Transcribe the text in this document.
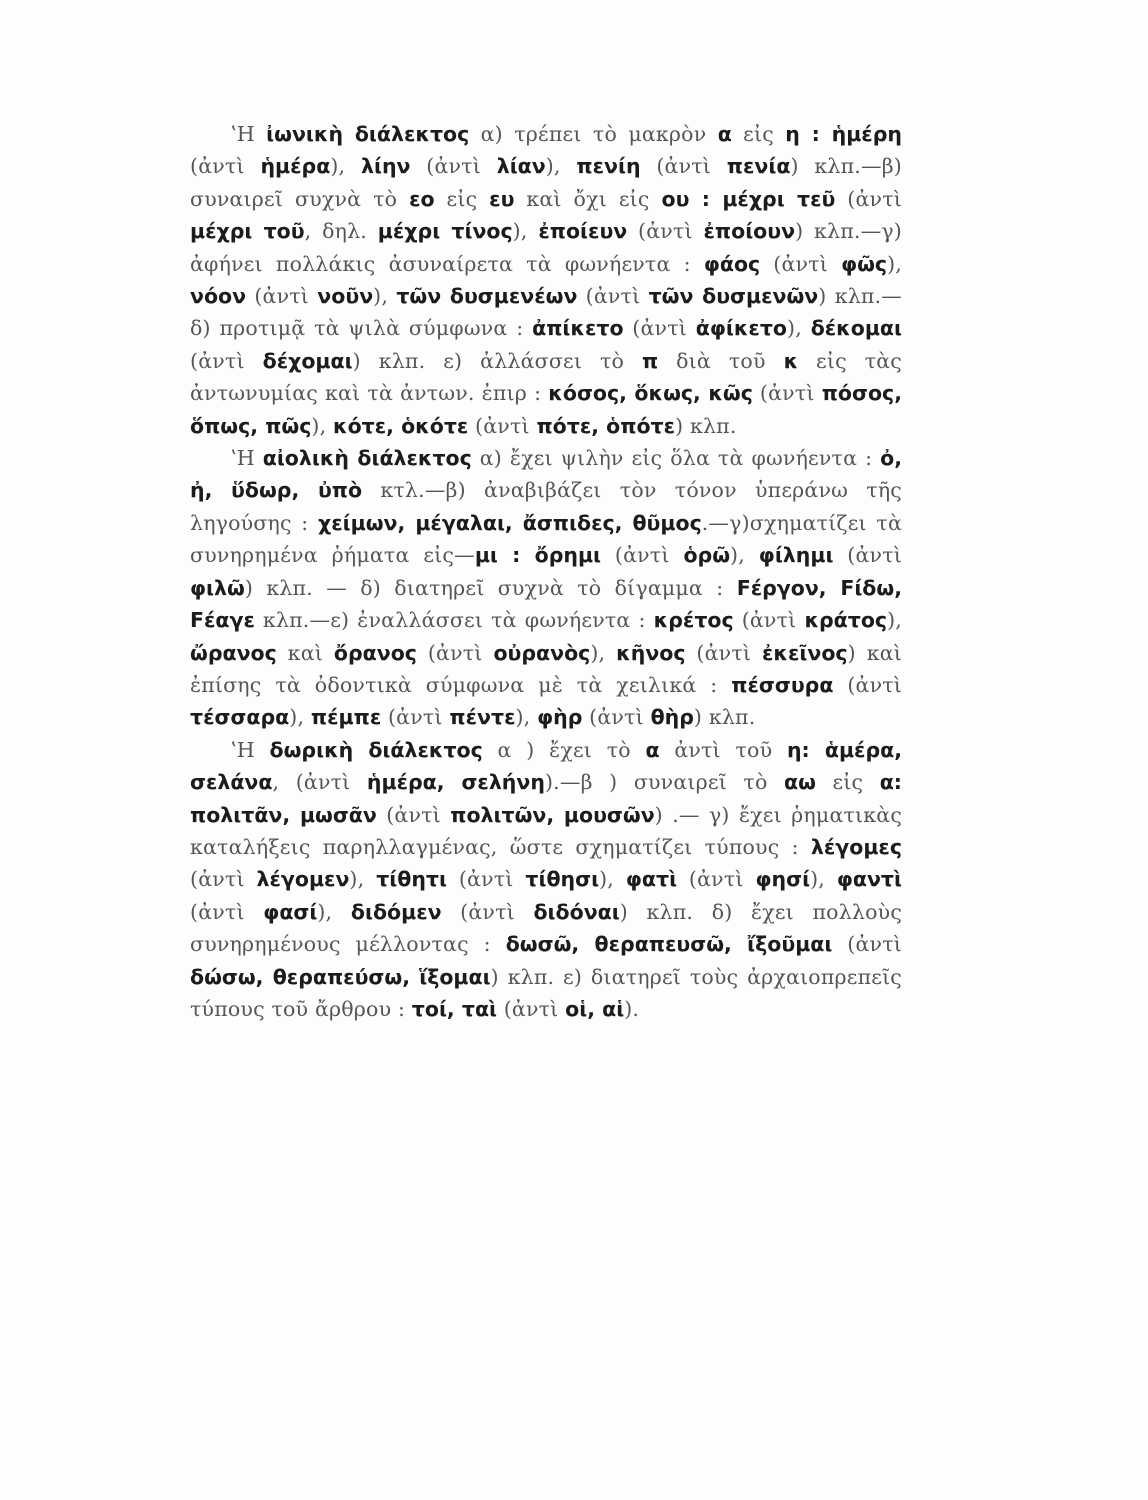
ʽΗ ἰωνικὴ διάλεκτος α) τρέπει τὸ μακρὸν α εἰς η : ἡμέρη (ἀντὶ ἡμέρα), λίην (ἀντὶ λίαν), πενίη (ἀντὶ πενία) κλπ.—β) συναιρεῖ συχνὰ τὸ εο εἰς ευ καὶ ὄχι εἰς ου : μέχρι τεῦ (ἀντὶ μέχρι τοῦ, δηλ. μέχρι τίνος), ἐποίευν (ἀντὶ ἐποίουν) κλπ.—γ) ἀφήνει πολλάκις ἀσυναίρετα τὰ φωνήεντα : φάος (ἀντὶ φῶς), νόον (ἀντὶ νοῦν), τῶν δυσμενέων (ἀντὶ τῶν δυσμενῶν) κλπ.— δ) προτιμᾷ τὰ ψιλὰ σύμφωνα : ἀπίκετο (ἀντὶ ἀφίκετο), δέκομαι (ἀντὶ δέχομαι) κλπ. ε) ἀλλάσσει τὸ π διὰ τοῦ κ εἰς τὰς ἀντωνυμίας καὶ τὰ ἀντων. ἐπιρ : κόσος, ὅκως, κῶς (ἀντὶ πόσος, ὅπως, πῶς), κότε, ὁκότε (ἀντὶ πότε, ὁπότε) κλπ.

ʽΗ αἰολικὴ διάλεκτος α) ἔχει ψιλὴν εἰς ὅλα τὰ φωνήεντα : ὀ, ἠ, ὕδωρ, ὐπὸ κτλ.—β) ἀναβιβάζει τὸν τόνον ὑπεράνω τῆς ληγούσης : χείμων, μέγαλαι, ἄσπιδες, θῦμος.—γ)σχηματίζει τὰ συνηρημένα ῥήματα εἰς—μι : ὄρημι (ἀντὶ ὁρῶ), φίλημι (ἀντὶ φιλῶ) κλπ. — δ) διατηρεῖ συχνὰ τὸ δίγαμμα : Fέργον, Fίδω, Fέαγε κλπ.—ε) ἐναλλάσσει τὰ φωνήεντα : κρέτος (ἀντὶ κράτος), ὤρανος καὶ ὄρανος (ἀντὶ οὐρανὸς), κῆνος (ἀντὶ ἐκεῖνος) καὶ ἐπίσης τὰ ὀδοντικὰ σύμφωνα μὲ τὰ χειλικά : πέσσυρα (ἀντὶ τέσσαρα), πέμπε (ἀντὶ πέντε), φὴρ (ἀντὶ θὴρ) κλπ.

ʽΗ δωρικὴ διάλεκτος α ) ἔχει τὸ α ἀντὶ τοῦ η: ἁμέρα, σελάνα, (ἀντὶ ἡμέρα, σελήνη).—β ) συναιρεῖ τὸ αω εἰς α: πολιτᾶν, μωσᾶν (ἀντὶ πολιτῶν, μουσῶν) .— γ) ἔχει ῥηματικὰς καταλήξεις παρηλλαγμένας, ὥστε σχηματίζει τύπους : λέγομες (ἀντὶ λέγομεν), τίθητι (ἀντὶ τίθησι), φατὶ (ἀντὶ φησί), φαντὶ (ἀντὶ φασί), διδόμεν (ἀντὶ διδόναι) κλπ. δ) ἔχει πολλοὺς συνηρημένους μέλλοντας : δωσῶ, θεραπευσῶ, ἴξοῦμαι (ἀντὶ δώσω, θεραπεύσω, ἵξομαι) κλπ. ε) διατηρεῖ τοὺς ἀρχαιοπρεπεῖς τύπους τοῦ ἄρθρου : τοί, ταὶ (ἀντὶ οἱ, αἱ).
